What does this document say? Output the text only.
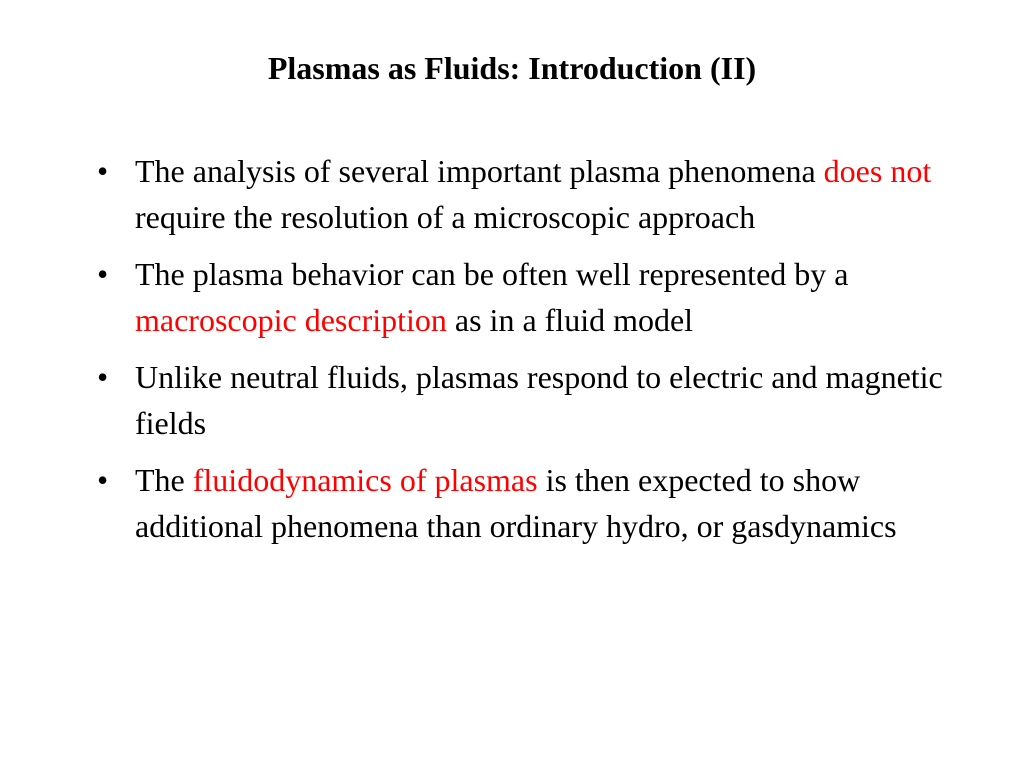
Plasmas as Fluids: Introduction (II)
• The analysis of several important plasma phenomena does not require the resolution of a microscopic approach
• The plasma behavior can be often well represented by a macroscopic description as in a fluid model
• Unlike neutral fluids, plasmas respond to electric and magnetic fields
• The fluidodynamics of plasmas is then expected to show additional phenomena than ordinary hydro, or gasdynamics
